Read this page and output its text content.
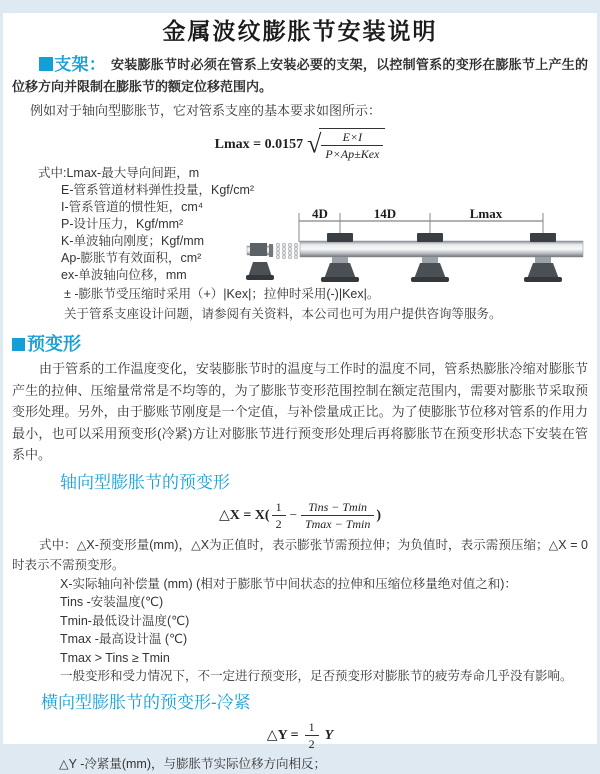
金属波纹膨胀节安装说明

支架： 安装膨胀节时必须在管系上安装必要的支架，以控制管系的变形在膨胀节上产生的位移方向并限制在膨胀节的额定位移范围内。

例如对于轴向型膨胀节，它对管系支座的基本要求如图所示：

Lmax = 0.0157 √ $\frac{E\times I}{\text{P×Ap±Kex}}$

式中:Lmax-最大导向间距，m

E-管系管道材料弹性投量，Kgf/cm²

I-管系管道的惯性矩，cm⁴

P-设计压力，Kgf/mm²

K-单波轴向刚度；Kgf/mm

Ap-膨胀节有效面积，cm²

ex-单波轴向位移，mm

± -膨胀节受压缩时采用（+）|Kex|；拉伸时采用(-)|Kex|。

关于管系支座设计问题，请参阅有关资料，本公司也可为用户提供咨询等服务。

4D	14D	Lmax
预变形

由于管系的工作温度变化，安装膨胀节时的温度与工作时的温度不同，管系热膨胀冷缩对膨胀节产生的拉伸、压缩量常常是不均等的，为了膨胀节变形范围控制在额定范围内，需要对膨胀节采取预变形处理。另外，由于膨账节刚度是一个定值，与补偿量成正比。为了使膨胀节位移对管系的作用力最小，也可以采用预变形(冷紧)方让对膨胀节进行预变形处理后再将膨胀节在预变形状态下安装在管系中。

轴向型膨胀节的预变形
△X = $X( \frac{1}{2} - \frac{\text{Tins − Tmin}}{Tmax - Tmin}$ )

式中：△X-预变形量(mm)，△X为正值时，表示膨张节需预拉伸；为负值时，表示需预压缩；△X = 0时表示不需预变形。

X-实际轴向补偿量 (mm) (相对于膨胀节中间状态的拉伸和压缩位移量绝对值之和)：

Tins -安装温度(℃)

Tmin-最低设计温度(℃)

Tmax -最高设计温 (℃)

Tmax > Tins ≥ Tmin

一般变形和受力情况下，不一定进行预变形，足否预变形对膨胀节的疲劳寿命几乎没有影响。

横向型膨胀节的预变形-冷紧
△Y = $\frac{1}{2}$ Y

△Y -冷紧量(mm)，与膨胀节实际位移方向相反；
